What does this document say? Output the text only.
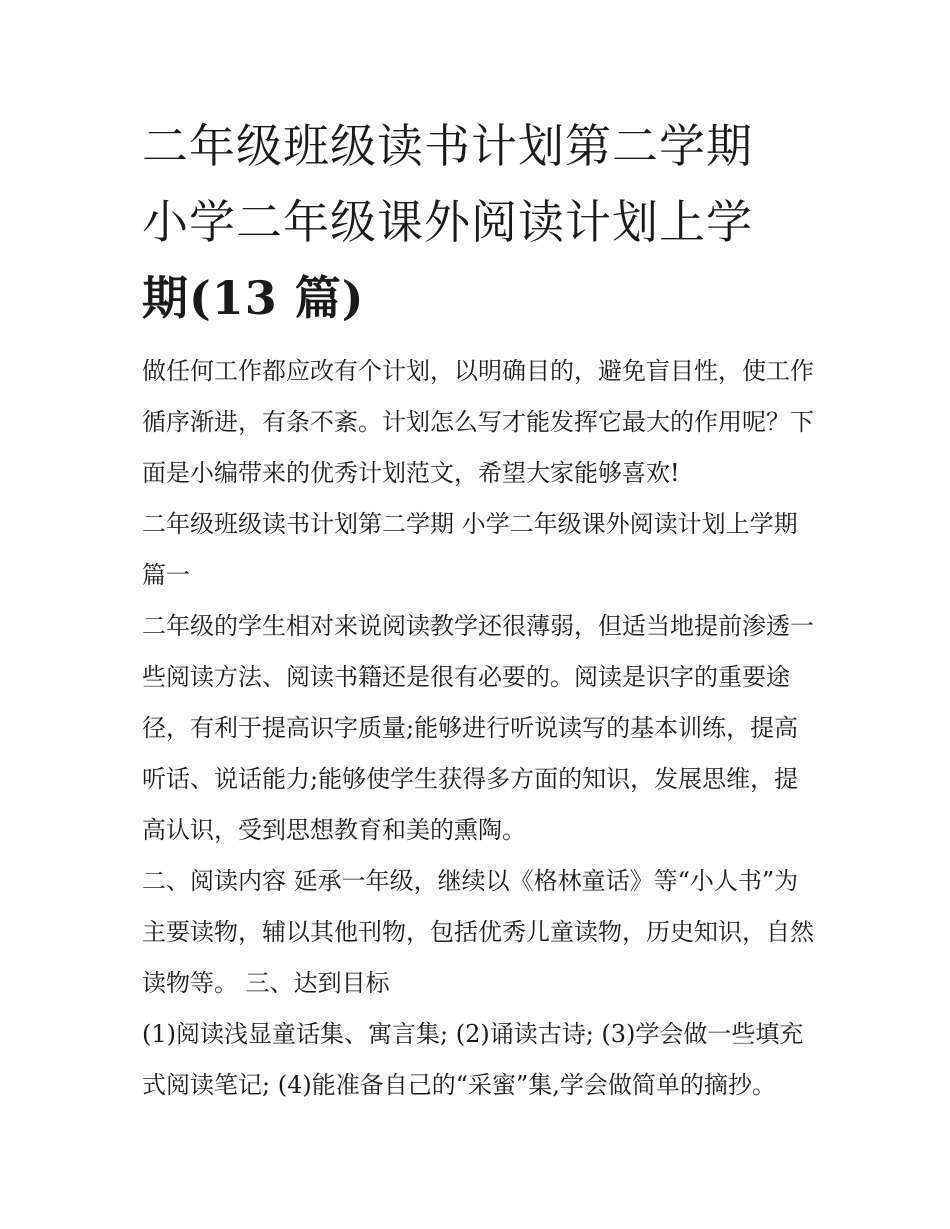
二年级班级读书计划第二学期
小学二年级课外阅读计划上学
期(13 篇)

做任何工作都应改有个计划，以明确目的，避免盲目性，使工作循序渐进，有条不紊。计划怎么写才能发挥它最大的作用呢？下面是小编带来的优秀计划范文，希望大家能够喜欢!

二年级班级读书计划第二学期 小学二年级课外阅读计划上学期篇一

二年级的学生相对来说阅读教学还很薄弱，但适当地提前渗透一些阅读方法、阅读书籍还是很有必要的。阅读是识字的重要途径，有利于提高识字质量;能够进行听说读写的基本训练，提高听话、说话能力;能够使学生获得多方面的知识，发展思维，提高认识，受到思想教育和美的熏陶。

二、阅读内容 延承一年级，继续以《格林童话》等“小人书”为主要读物，辅以其他刊物，包括优秀儿童读物，历史知识，自然读物等。 三、达到目标

(1)阅读浅显童话集、寓言集; (2)诵读古诗; (3)学会做一些填充式阅读笔记; (4)能准备自己的“采蜜”集,学会做简单的摘抄。
